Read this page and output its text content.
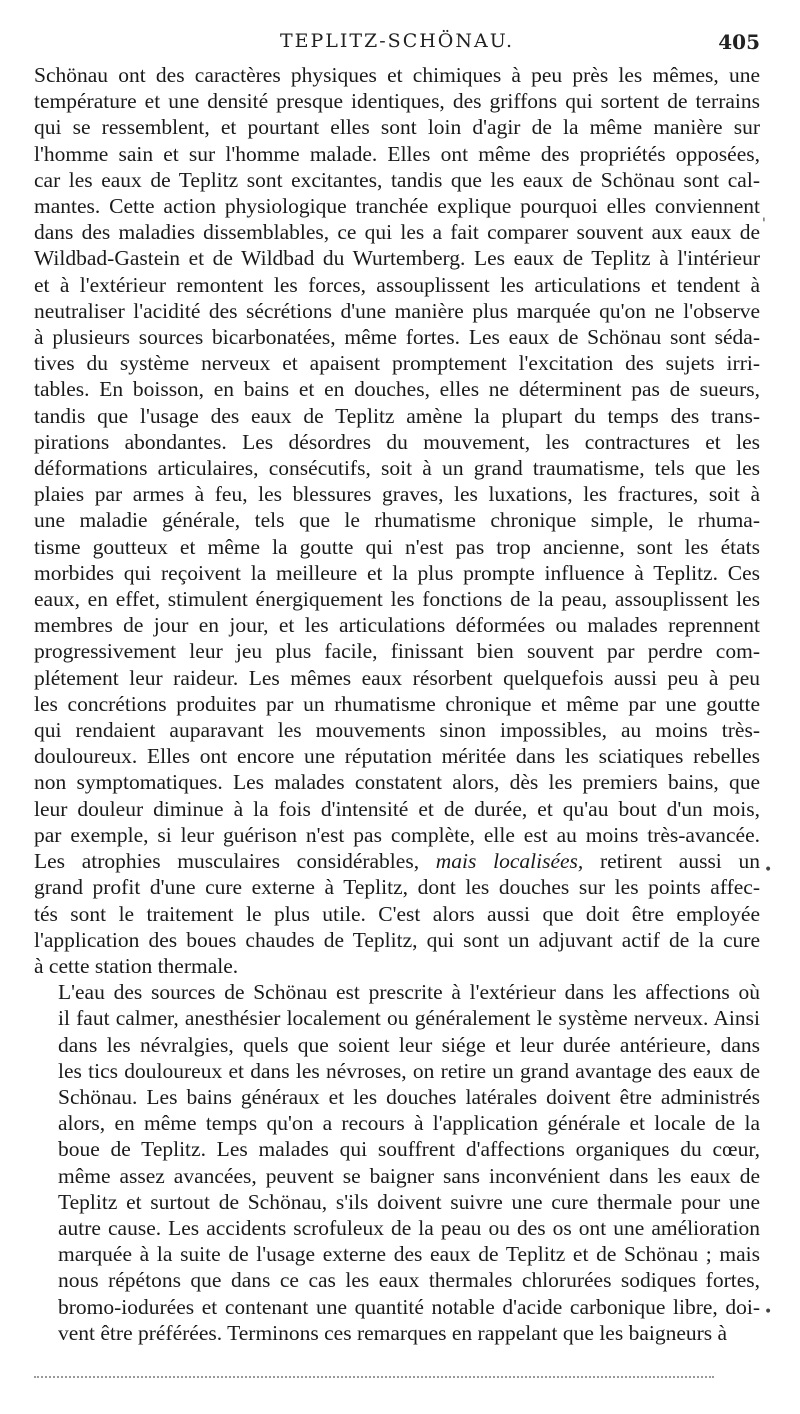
TEPLITZ-SCHÖNAU.	405

Schönau ont des caractères physiques et chimiques à peu près les mêmes, une
température et une densité presque identiques, des griffons qui sortent de terrains
qui se ressemblent, et pourtant elles sont loin d'agir de la même manière sur
l'homme sain et sur l'homme malade. Elles ont même des propriétés opposées,
car les eaux de Teplitz sont excitantes, tandis que les eaux de Schönau sont cal-
mantes. Cette action physiologique tranchée explique pourquoi elles conviennent
dans des maladies dissemblables, ce qui les a fait comparer souvent aux eaux de
Wildbad-Gastein et de Wildbad du Wurtemberg. Les eaux de Teplitz à l'intérieur
et à l'extérieur remontent les forces, assouplissent les articulations et tendent à
neutraliser l'acidité des sécrétions d'une manière plus marquée qu'on ne l'observe
à plusieurs sources bicarbonatées, même fortes. Les eaux de Schönau sont séda-
tives du système nerveux et apaisent promptement l'excitation des sujets irri-
tables. En boisson, en bains et en douches, elles ne déterminent pas de sueurs,
tandis que l'usage des eaux de Teplitz amène la plupart du temps des trans-
pirations abondantes. Les désordres du mouvement, les contractures et les
déformations articulaires, consécutifs, soit à un grand traumatisme, tels que les
plaies par armes à feu, les blessures graves, les luxations, les fractures, soit à
une maladie générale, tels que le rhumatisme chronique simple, le rhuma-
tisme goutteux et même la goutte qui n'est pas trop ancienne, sont les états
morbides qui reçoivent la meilleure et la plus prompte influence à Teplitz. Ces
eaux, en effet, stimulent énergiquement les fonctions de la peau, assouplissent les
membres de jour en jour, et les articulations déformées ou malades reprennent
progressivement leur jeu plus facile, finissant bien souvent par perdre com-
plétement leur raideur. Les mêmes eaux résorbent quelquefois aussi peu à peu
les concrétions produites par un rhumatisme chronique et même par une goutte
qui rendaient auparavant les mouvements sinon impossibles, au moins très-
douloureux. Elles ont encore une réputation méritée dans les sciatiques rebelles
non symptomatiques. Les malades constatent alors, dès les premiers bains, que
leur douleur diminue à la fois d'intensité et de durée, et qu'au bout d'un mois,
par exemple, si leur guérison n'est pas complète, elle est au moins très-avancée.
Les atrophies musculaires considérables, mais localisées, retirent aussi un
grand profit d'une cure externe à Teplitz, dont les douches sur les points affec-
tés sont le traitement le plus utile. C'est alors aussi que doit être employée
l'application des boues chaudes de Teplitz, qui sont un adjuvant actif de la cure
à cette station thermale.

L'eau des sources de Schönau est prescrite à l'extérieur dans les affections où
il faut calmer, anesthésier localement ou généralement le système nerveux. Ainsi
dans les névralgies, quels que soient leur siége et leur durée antérieure, dans
les tics douloureux et dans les névroses, on retire un grand avantage des eaux de
Schönau. Les bains généraux et les douches latérales doivent être administrés
alors, en même temps qu'on a recours à l'application générale et locale de la
boue de Teplitz. Les malades qui souffrent d'affections organiques du cœur,
même assez avancées, peuvent se baigner sans inconvénient dans les eaux de
Teplitz et surtout de Schönau, s'ils doivent suivre une cure thermale pour une
autre cause. Les accidents scrofuleux de la peau ou des os ont une amélioration
marquée à la suite de l'usage externe des eaux de Teplitz et de Schönau ; mais
nous répétons que dans ce cas les eaux thermales chlorurées sodiques fortes,
bromo-iodurées et contenant une quantité notable d'acide carbonique libre, doi-
vent être préférées. Terminons ces remarques en rappelant que les baigneurs à

'
•
•
